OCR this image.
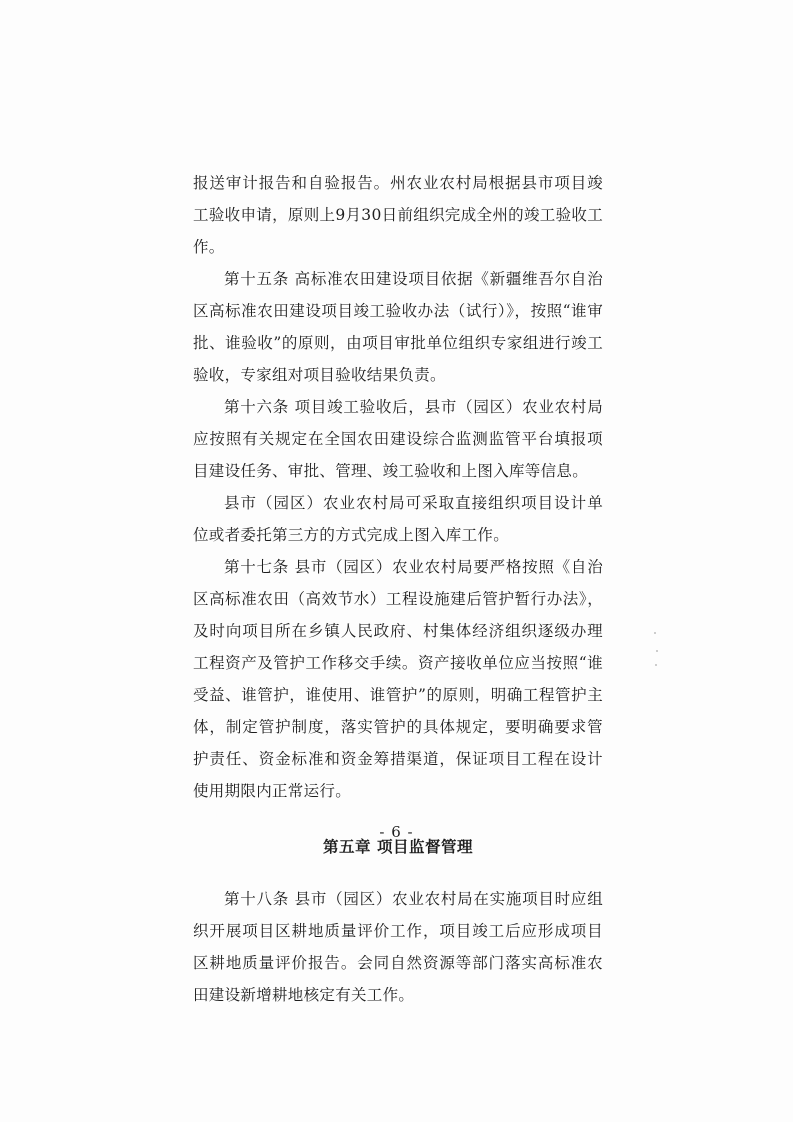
报送审计报告和自验报告。州农业农村局根据县市项目竣工验收申请，原则上9月30日前组织完成全州的竣工验收工作。

第十五条 高标准农田建设项目依据《新疆维吾尔自治区高标准农田建设项目竣工验收办法（试行）》，按照“谁审批、谁验收”的原则，由项目审批单位组织专家组进行竣工验收，专家组对项目验收结果负责。

第十六条 项目竣工验收后，县市（园区）农业农村局应按照有关规定在全国农田建设综合监测监管平台填报项目建设任务、审批、管理、竣工验收和上图入库等信息。

县市（园区）农业农村局可采取直接组织项目设计单位或者委托第三方的方式完成上图入库工作。

第十七条 县市（园区）农业农村局要严格按照《自治区高标准农田（高效节水）工程设施建后管护暂行办法》，及时向项目所在乡镇人民政府、村集体经济组织逐级办理工程资产及管护工作移交手续。资产接收单位应当按照“谁受益、谁管护，谁使用、谁管护”的原则，明确工程管护主体，制定管护制度，落实管护的具体规定，要明确要求管护责任、资金标准和资金筹措渠道，保证项目工程在设计使用期限内正常运行。

第五章 项目监督管理

第十八条 县市（园区）农业农村局在实施项目时应组织开展项目区耕地质量评价工作，项目竣工后应形成项目区耕地质量评价报告。会同自然资源等部门落实高标准农田建设新增耕地核定有关工作。

- 6 -
